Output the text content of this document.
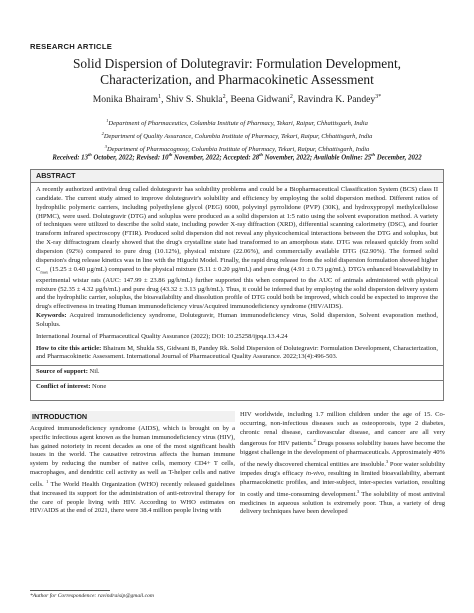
RESEARCH ARTICLE
Solid Dispersion of Dolutegravir: Formulation Development,
Characterization, and Pharmacokinetic Assessment
Monika Bhairam$^1$, Shiv S. Shukla$^2$, Beena Gidwani$^2$, Ravindra K. Pandey$^{3*}$
$^1$Department of Pharmaceutics, Columbia Institute of Pharmacy, Tekari, Raipur, Chhattisgarh, India
$^2$Department of Quality Assurance, Columbia Institute of Pharmacy, Tekari, Raipur, Chhattisgarh, India
$^3$Department of Pharmacognosy, Columbia Institute of Pharmacy, Tekari, Raipur, Chhattisgarh, India
Received: 13th October, 2022; Revised: 10th November, 2022; Accepted: 28th November, 2022; Available Online: 25th December, 2022
ABSTRACT

A recently authorized antiviral drug called dolutegravir has solubility problems and could be a Biopharmaceutical Classification System (BCS) class II candidate. The current study aimed to improve dolutegravir's solubility and efficiency by employing the solid dispersion method. Different ratios of hydrophilic polymeric carriers, including polyethylene glycol (PEG) 6000, polyvinyl pyrrolidone (PVP) (30K), and hydroxypropyl methylcellulose (HPMC), were used. Dolutegravir (DTG) and soluplus were produced as a solid dispersion at 1:5 ratio using the solvent evaporation method. A variety of techniques were utilized to describe the solid state, including powder X-ray diffraction (XRD), differential scanning calorimetry (DSC), and fourier transform infrared spectroscopy (FTIR). Produced solid dispersion did not reveal any physicochemical interactions between the DTG and soluplus, but the X-ray diffractogram clearly showed that the drug's crystalline state had transformed to an amorphous state. DTG was released quickly from solid dispersion (92%) compared to pure drug (10.12%), physical mixture (22.06%), and commercially available DTG (62.90%). The formed solid dispersion's drug release kinetics was in line with the Higuchi Model. Finally, the rapid drug release from the solid dispersion formulation showed higher $C_{max}$ (15.25 ± 0.40 µg/mL) compared to the physical mixture (5.11 ± 0.20 µg/mL) and pure drug (4.91 ± 0.73 µg/mL). DTG's enhanced bioavailability in experimental wistar rats (AUC: 147.99 ± 23.86 µg/h/mL) further supported this when compared to the AUC of animals administered with physical mixture (52.35 ± 4.32 µg/h/mL) and pure drug (43.32 ± 3.13 µg/h/mL). Thus, it could be inferred that by employing the solid dispersion delivery system and the hydrophilic carrier, soluplus, the bioavailability and dissolution profile of DTG could both be improved, which could be expected to improve the drug's effectiveness in treating Human immunodeficiency virus/Acquired immunodeficiency syndrome (HIV/AIDS).

Keywords: Acquired immunodeficiency syndrome, Dolutegravir, Human immunodeficiency virus, Solid dispersion, Solvent evaporation method, Soluplus.

International Journal of Pharmaceutical Quality Assurance (2022); DOI: 10.25258/ijpqa.13.4.24

How to cite this article: Bhairam M, Shukla SS, Gidwani B, Pandey Rk. Solid Dispersion of Dolutegravir: Formulation Development, Characterization, and Pharmacokinetic Assessment. International Journal of Pharmaceutical Quality Assurance. 2022;13(4):496-503.

Source of support: Nil.

Conflict of interest: None

INTRODUCTION

Acquired immunodeficiency syndrome (AIDS), which is brought on by a specific infectious agent known as the human immunodeficiency virus (HIV), has gained notoriety in recent decades as one of the most significant health issues in the world. The causative retrovirus affects the human immune system by reducing the number of native cells, memory CD4+ T cells, macrophages, and dendritic cell activity as well as T-helper cells and native cells. $^1$ The World Health Organization (WHO) recently released guidelines that increased its support for the administration of anti-retroviral therapy for the care of people living with HIV. According to WHO estimates on HIV/AIDS at the end of 2021, there were 38.4 million people living with

HIV worldwide, including 1.7 million children under the age of 15. Co-occurring, non-infectious diseases such as osteoporosis, type 2 diabetes, chronic renal disease, cardiovascular disease, and cancer are all very dangerous for HIV patients.$^2$ Drugs possess solubility issues have become the biggest challenge in the development of pharmaceuticals. Approximately 40% of the newly discovered chemical entities are insoluble.$^3$ Poor water solubility impedes drug's efficacy in-vivo, resulting in limited bioavailability, aberrant pharmacokinetic profiles, and inter-subject, inter-species variation, resulting in costly and time-consuming development.$^3$ The solubility of most antiviral medicines in aqueous solution is extremely poor. Thus, a variety of drug delivery techniques have been developed

*Author for Correspondence: ravindraisip@gmail.com
